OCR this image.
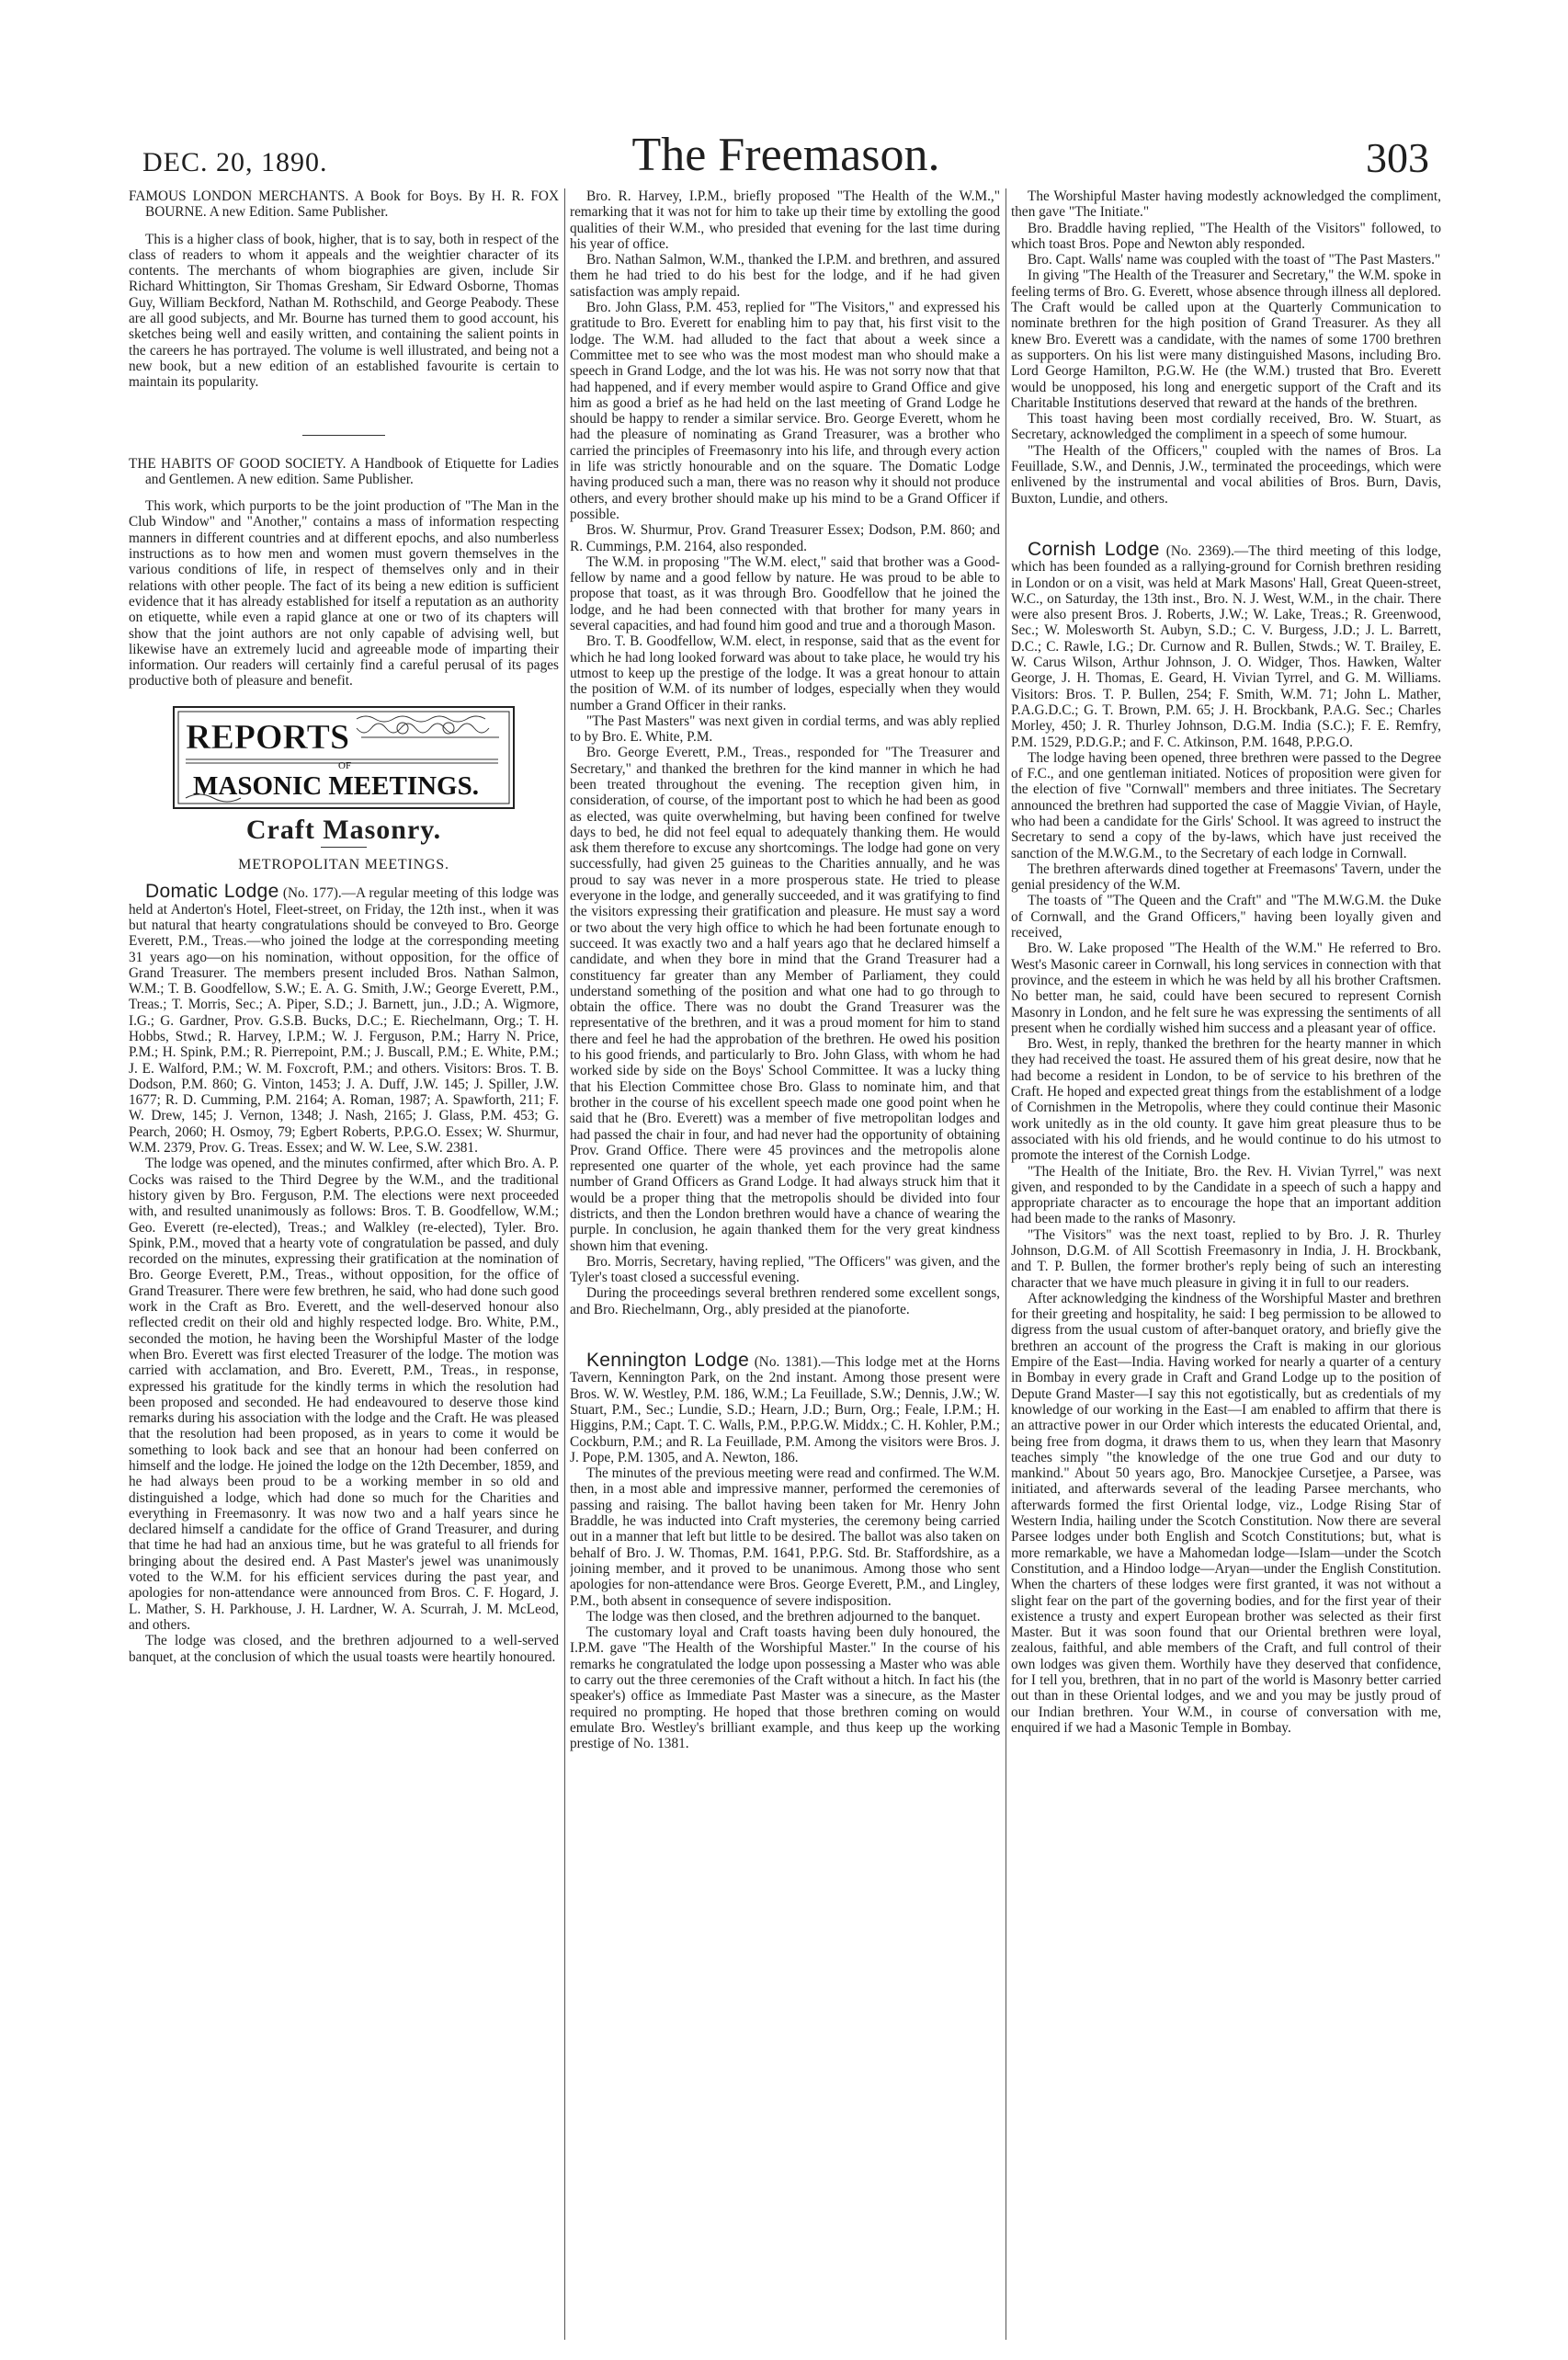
DEC. 20, 1890.	The Freemason.	303

FAMOUS LONDON MERCHANTS. A Book for Boys. By H. R. FOX BOURNE. A new Edition. Same Publisher.

This is a higher class of book, higher, that is to say, both in respect of the class of readers to whom it appeals and the weightier character of its contents. The merchants of whom biographies are given, include Sir Richard Whittington, Sir Thomas Gresham, Sir Edward Osborne, Thomas Guy, William Beckford, Nathan M. Rothschild, and George Peabody. These are all good subjects, and Mr. Bourne has turned them to good account, his sketches being well and easily written, and containing the salient points in the careers he has portrayed. The volume is well illustrated, and being not a new book, but a new edition of an established favourite is certain to maintain its popularity.

THE HABITS OF GOOD SOCIETY. A Handbook of Etiquette for Ladies and Gentlemen. A new edition. Same Publisher.

This work, which purports to be the joint production of "The Man in the Club Window" and "Another," contains a mass of information respecting manners in different countries and at different epochs, and also numberless instructions as to how men and women must govern themselves in the various conditions of life, in respect of themselves only and in their relations with other people. The fact of its being a new edition is sufficient evidence that it has already established for itself a reputation as an authority on etiquette, while even a rapid glance at one or two of its chapters will show that the joint authors are not only capable of advising well, but likewise have an extremely lucid and agreeable mode of imparting their information. Our readers will certainly find a careful perusal of its pages productive both of pleasure and benefit.

REPORTS
OF
MASONIC MEETINGS.
Craft Masonry.
METROPOLITAN MEETINGS.

Domatic Lodge (No. 177).—A regular meeting of this lodge was held at Anderton's Hotel, Fleet-street, on Friday, the 12th inst., when it was but natural that hearty congratulations should be conveyed to Bro. George Everett, P.M., Treas.—who joined the lodge at the corresponding meeting 31 years ago—on his nomination, without opposition, for the office of Grand Treasurer. The members present included Bros. Nathan Salmon, W.M.; T. B. Goodfellow, S.W.; E. A. G. Smith, J.W.; George Everett, P.M., Treas.; T. Morris, Sec.; A. Piper, S.D.; J. Barnett, jun., J.D.; A. Wigmore, I.G.; G. Gardner, Prov. G.S.B. Bucks, D.C.; E. Riechelmann, Org.; T. H. Hobbs, Stwd.; R. Harvey, I.P.M.; W. J. Ferguson, P.M.; Harry N. Price, P.M.; H. Spink, P.M.; R. Pierrepoint, P.M.; J. Buscall, P.M.; E. White, P.M.; J. E. Walford, P.M.; W. M. Foxcroft, P.M.; and others. Visitors: Bros. T. B. Dodson, P.M. 860; G. Vinton, 1453; J. A. Duff, J.W. 145; J. Spiller, J.W. 1677; R. D. Cumming, P.M. 2164; A. Roman, 1987; A. Spawforth, 211; F. W. Drew, 145; J. Vernon, 1348; J. Nash, 2165; J. Glass, P.M. 453; G. Pearch, 2060; H. Osmoy, 79; Egbert Roberts, P.P.G.O. Essex; W. Shurmur, W.M. 2379, Prov. G. Treas. Essex; and W. W. Lee, S.W. 2381.

The lodge was opened, and the minutes confirmed, after which Bro. A. P. Cocks was raised to the Third Degree by the W.M., and the traditional history given by Bro. Ferguson, P.M. The elections were next proceeded with, and resulted unanimously as follows: Bros. T. B. Goodfellow, W.M.; Geo. Everett (re-elected), Treas.; and Walkley (re-elected), Tyler. Bro. Spink, P.M., moved that a hearty vote of congratulation be passed, and duly recorded on the minutes, expressing their gratification at the nomination of Bro. George Everett, P.M., Treas., without opposition, for the office of Grand Treasurer. There were few brethren, he said, who had done such good work in the Craft as Bro. Everett, and the well-deserved honour also reflected credit on their old and highly respected lodge. Bro. White, P.M., seconded the motion, he having been the Worshipful Master of the lodge when Bro. Everett was first elected Treasurer of the lodge. The motion was carried with acclamation, and Bro. Everett, P.M., Treas., in response, expressed his gratitude for the kindly terms in which the resolution had been proposed and seconded. He had endeavoured to deserve those kind remarks during his association with the lodge and the Craft. He was pleased that the resolution had been proposed, as in years to come it would be something to look back and see that an honour had been conferred on himself and the lodge. He joined the lodge on the 12th December, 1859, and he had always been proud to be a working member in so old and distinguished a lodge, which had done so much for the Charities and everything in Freemasonry. It was now two and a half years since he declared himself a candidate for the office of Grand Treasurer, and during that time he had had an anxious time, but he was grateful to all friends for bringing about the desired end. A Past Master's jewel was unanimously voted to the W.M. for his efficient services during the past year, and apologies for non-attendance were announced from Bros. C. F. Hogard, J. L. Mather, S. H. Parkhouse, J. H. Lardner, W. A. Scurrah, J. M. McLeod, and others.

The lodge was closed, and the brethren adjourned to a well-served banquet, at the conclusion of which the usual toasts were heartily honoured.

Bro. R. Harvey, I.P.M., briefly proposed "The Health of the W.M.," remarking that it was not for him to take up their time by extolling the good qualities of their W.M., who presided that evening for the last time during his year of office.

Bro. Nathan Salmon, W.M., thanked the I.P.M. and brethren, and assured them he had tried to do his best for the lodge, and if he had given satisfaction was amply repaid.

Bro. John Glass, P.M. 453, replied for "The Visitors," and expressed his gratitude to Bro. Everett for enabling him to pay that, his first visit to the lodge. The W.M. had alluded to the fact that about a week since a Committee met to see who was the most modest man who should make a speech in Grand Lodge, and the lot was his. He was not sorry now that that had happened, and if every member would aspire to Grand Office and give him as good a brief as he had held on the last meeting of Grand Lodge he should be happy to render a similar service. Bro. George Everett, whom he had the pleasure of nominating as Grand Treasurer, was a brother who carried the principles of Freemasonry into his life, and through every action in life was strictly honourable and on the square. The Domatic Lodge having produced such a man, there was no reason why it should not produce others, and every brother should make up his mind to be a Grand Officer if possible.

Bros. W. Shurmur, Prov. Grand Treasurer Essex; Dodson, P.M. 860; and R. Cummings, P.M. 2164, also responded.

The W.M. in proposing "The W.M. elect," said that brother was a Good-fellow by name and a good fellow by nature. He was proud to be able to propose that toast, as it was through Bro. Goodfellow that he joined the lodge, and he had been connected with that brother for many years in several capacities, and had found him good and true and a thorough Mason.

Bro. T. B. Goodfellow, W.M. elect, in response, said that as the event for which he had long looked forward was about to take place, he would try his utmost to keep up the prestige of the lodge. It was a great honour to attain the position of W.M. of its number of lodges, especially when they would number a Grand Officer in their ranks.

"The Past Masters" was next given in cordial terms, and was ably replied to by Bro. E. White, P.M.

Bro. George Everett, P.M., Treas., responded for "The Treasurer and Secretary," and thanked the brethren for the kind manner in which he had been treated throughout the evening. The reception given him, in consideration, of course, of the important post to which he had been as good as elected, was quite overwhelming, but having been confined for twelve days to bed, he did not feel equal to adequately thanking them. He would ask them therefore to excuse any shortcomings. The lodge had gone on very successfully, had given 25 guineas to the Charities annually, and he was proud to say was never in a more prosperous state. He tried to please everyone in the lodge, and generally succeeded, and it was gratifying to find the visitors expressing their gratification and pleasure. He must say a word or two about the very high office to which he had been fortunate enough to succeed. It was exactly two and a half years ago that he declared himself a candidate, and when they bore in mind that the Grand Treasurer had a constituency far greater than any Member of Parliament, they could understand something of the position and what one had to go through to obtain the office. There was no doubt the Grand Treasurer was the representative of the brethren, and it was a proud moment for him to stand there and feel he had the approbation of the brethren. He owed his position to his good friends, and particularly to Bro. John Glass, with whom he had worked side by side on the Boys' School Committee. It was a lucky thing that his Election Committee chose Bro. Glass to nominate him, and that brother in the course of his excellent speech made one good point when he said that he (Bro. Everett) was a member of five metropolitan lodges and had passed the chair in four, and had never had the opportunity of obtaining Prov. Grand Office. There were 45 provinces and the metropolis alone represented one quarter of the whole, yet each province had the same number of Grand Officers as Grand Lodge. It had always struck him that it would be a proper thing that the metropolis should be divided into four districts, and then the London brethren would have a chance of wearing the purple. In conclusion, he again thanked them for the very great kindness shown him that evening.

Bro. Morris, Secretary, having replied, "The Officers" was given, and the Tyler's toast closed a successful evening.

During the proceedings several brethren rendered some excellent songs, and Bro. Riechelmann, Org., ably presided at the pianoforte.

Kennington Lodge (No. 1381).—This lodge met at the Horns Tavern, Kennington Park, on the 2nd instant. Among those present were Bros. W. W. Westley, P.M. 186, W.M.; La Feuillade, S.W.; Dennis, J.W.; W. Stuart, P.M., Sec.; Lundie, S.D.; Hearn, J.D.; Burn, Org.; Feale, I.P.M.; H. Higgins, P.M.; Capt. T. C. Walls, P.M., P.P.G.W. Middx.; C. H. Kohler, P.M.; Cockburn, P.M.; and R. La Feuillade, P.M. Among the visitors were Bros. J. J. Pope, P.M. 1305, and A. Newton, 186.

The minutes of the previous meeting were read and confirmed. The W.M. then, in a most able and impressive manner, performed the ceremonies of passing and raising. The ballot having been taken for Mr. Henry John Braddle, he was inducted into Craft mysteries, the ceremony being carried out in a manner that left but little to be desired. The ballot was also taken on behalf of Bro. J. W. Thomas, P.M. 1641, P.P.G. Std. Br. Staffordshire, as a joining member, and it proved to be unanimous. Among those who sent apologies for non-attendance were Bros. George Everett, P.M., and Lingley, P.M., both absent in consequence of severe indisposition.

The lodge was then closed, and the brethren adjourned to the banquet.

The customary loyal and Craft toasts having been duly honoured, the I.P.M. gave "The Health of the Worshipful Master." In the course of his remarks he congratulated the lodge upon possessing a Master who was able to carry out the three ceremonies of the Craft without a hitch. In fact his (the speaker's) office as Immediate Past Master was a sinecure, as the Master required no prompting. He hoped that those brethren coming on would emulate Bro. Westley's brilliant example, and thus keep up the working prestige of No. 1381.

The Worshipful Master having modestly acknowledged the compliment, then gave "The Initiate."

Bro. Braddle having replied, "The Health of the Visitors" followed, to which toast Bros. Pope and Newton ably responded.

Bro. Capt. Walls' name was coupled with the toast of "The Past Masters."

In giving "The Health of the Treasurer and Secretary," the W.M. spoke in feeling terms of Bro. G. Everett, whose absence through illness all deplored. The Craft would be called upon at the Quarterly Communication to nominate brethren for the high position of Grand Treasurer. As they all knew Bro. Everett was a candidate, with the names of some 1700 brethren as supporters. On his list were many distinguished Masons, including Bro. Lord George Hamilton, P.G.W. He (the W.M.) trusted that Bro. Everett would be unopposed, his long and energetic support of the Craft and its Charitable Institutions deserved that reward at the hands of the brethren.

This toast having been most cordially received, Bro. W. Stuart, as Secretary, acknowledged the compliment in a speech of some humour.

"The Health of the Officers," coupled with the names of Bros. La Feuillade, S.W., and Dennis, J.W., terminated the proceedings, which were enlivened by the instrumental and vocal abilities of Bros. Burn, Davis, Buxton, Lundie, and others.

Cornish Lodge (No. 2369).—The third meeting of this lodge, which has been founded as a rallying-ground for Cornish brethren residing in London or on a visit, was held at Mark Masons' Hall, Great Queen-street, W.C., on Saturday, the 13th inst., Bro. N. J. West, W.M., in the chair. There were also present Bros. J. Roberts, J.W.; W. Lake, Treas.; R. Greenwood, Sec.; W. Molesworth St. Aubyn, S.D.; C. V. Burgess, J.D.; J. L. Barrett, D.C.; C. Rawle, I.G.; Dr. Curnow and R. Bullen, Stwds.; W. T. Brailey, E. W. Carus Wilson, Arthur Johnson, J. O. Widger, Thos. Hawken, Walter George, J. H. Thomas, E. Geard, H. Vivian Tyrrel, and G. M. Williams. Visitors: Bros. T. P. Bullen, 254; F. Smith, W.M. 71; John L. Mather, P.A.G.D.C.; G. T. Brown, P.M. 65; J. H. Brockbank, P.A.G. Sec.; Charles Morley, 450; J. R. Thurley Johnson, D.G.M. India (S.C.); F. E. Remfry, P.M. 1529, P.D.G.P.; and F. C. Atkinson, P.M. 1648, P.P.G.O.

The lodge having been opened, three brethren were passed to the Degree of F.C., and one gentleman initiated. Notices of proposition were given for the election of five "Cornwall" members and three initiates. The Secretary announced the brethren had supported the case of Maggie Vivian, of Hayle, who had been a candidate for the Girls' School. It was agreed to instruct the Secretary to send a copy of the by-laws, which have just received the sanction of the M.W.G.M., to the Secretary of each lodge in Cornwall.

The brethren afterwards dined together at Freemasons' Tavern, under the genial presidency of the W.M.

The toasts of "The Queen and the Craft" and "The M.W.G.M. the Duke of Cornwall, and the Grand Officers," having been loyally given and received,

Bro. W. Lake proposed "The Health of the W.M." He referred to Bro. West's Masonic career in Cornwall, his long services in connection with that province, and the esteem in which he was held by all his brother Craftsmen. No better man, he said, could have been secured to represent Cornish Masonry in London, and he felt sure he was expressing the sentiments of all present when he cordially wished him success and a pleasant year of office.

Bro. West, in reply, thanked the brethren for the hearty manner in which they had received the toast. He assured them of his great desire, now that he had become a resident in London, to be of service to his brethren of the Craft. He hoped and expected great things from the establishment of a lodge of Cornishmen in the Metropolis, where they could continue their Masonic work unitedly as in the old county. It gave him great pleasure thus to be associated with his old friends, and he would continue to do his utmost to promote the interest of the Cornish Lodge.

"The Health of the Initiate, Bro. the Rev. H. Vivian Tyrrel," was next given, and responded to by the Candidate in a speech of such a happy and appropriate character as to encourage the hope that an important addition had been made to the ranks of Masonry.

"The Visitors" was the next toast, replied to by Bro. J. R. Thurley Johnson, D.G.M. of All Scottish Freemasonry in India, J. H. Brockbank, and T. P. Bullen, the former brother's reply being of such an interesting character that we have much pleasure in giving it in full to our readers.

After acknowledging the kindness of the Worshipful Master and brethren for their greeting and hospitality, he said: I beg permission to be allowed to digress from the usual custom of after-banquet oratory, and briefly give the brethren an account of the progress the Craft is making in our glorious Empire of the East—India. Having worked for nearly a quarter of a century in Bombay in every grade in Craft and Grand Lodge up to the position of Depute Grand Master—I say this not egotistically, but as credentials of my knowledge of our working in the East—I am enabled to affirm that there is an attractive power in our Order which interests the educated Oriental, and, being free from dogma, it draws them to us, when they learn that Masonry teaches simply "the knowledge of the one true God and our duty to mankind." About 50 years ago, Bro. Manockjee Cursetjee, a Parsee, was initiated, and afterwards several of the leading Parsee merchants, who afterwards formed the first Oriental lodge, viz., Lodge Rising Star of Western India, hailing under the Scotch Constitution. Now there are several Parsee lodges under both English and Scotch Constitutions; but, what is more remarkable, we have a Mahomedan lodge—Islam—under the Scotch Constitution, and a Hindoo lodge—Aryan—under the English Constitution. When the charters of these lodges were first granted, it was not without a slight fear on the part of the governing bodies, and for the first year of their existence a trusty and expert European brother was selected as their first Master. But it was soon found that our Oriental brethren were loyal, zealous, faithful, and able members of the Craft, and full control of their own lodges was given them. Worthily have they deserved that confidence, for I tell you, brethren, that in no part of the world is Masonry better carried out than in these Oriental lodges, and we and you may be justly proud of our Indian brethren. Your W.M., in course of conversation with me, enquired if we had a Masonic Temple in Bombay.
